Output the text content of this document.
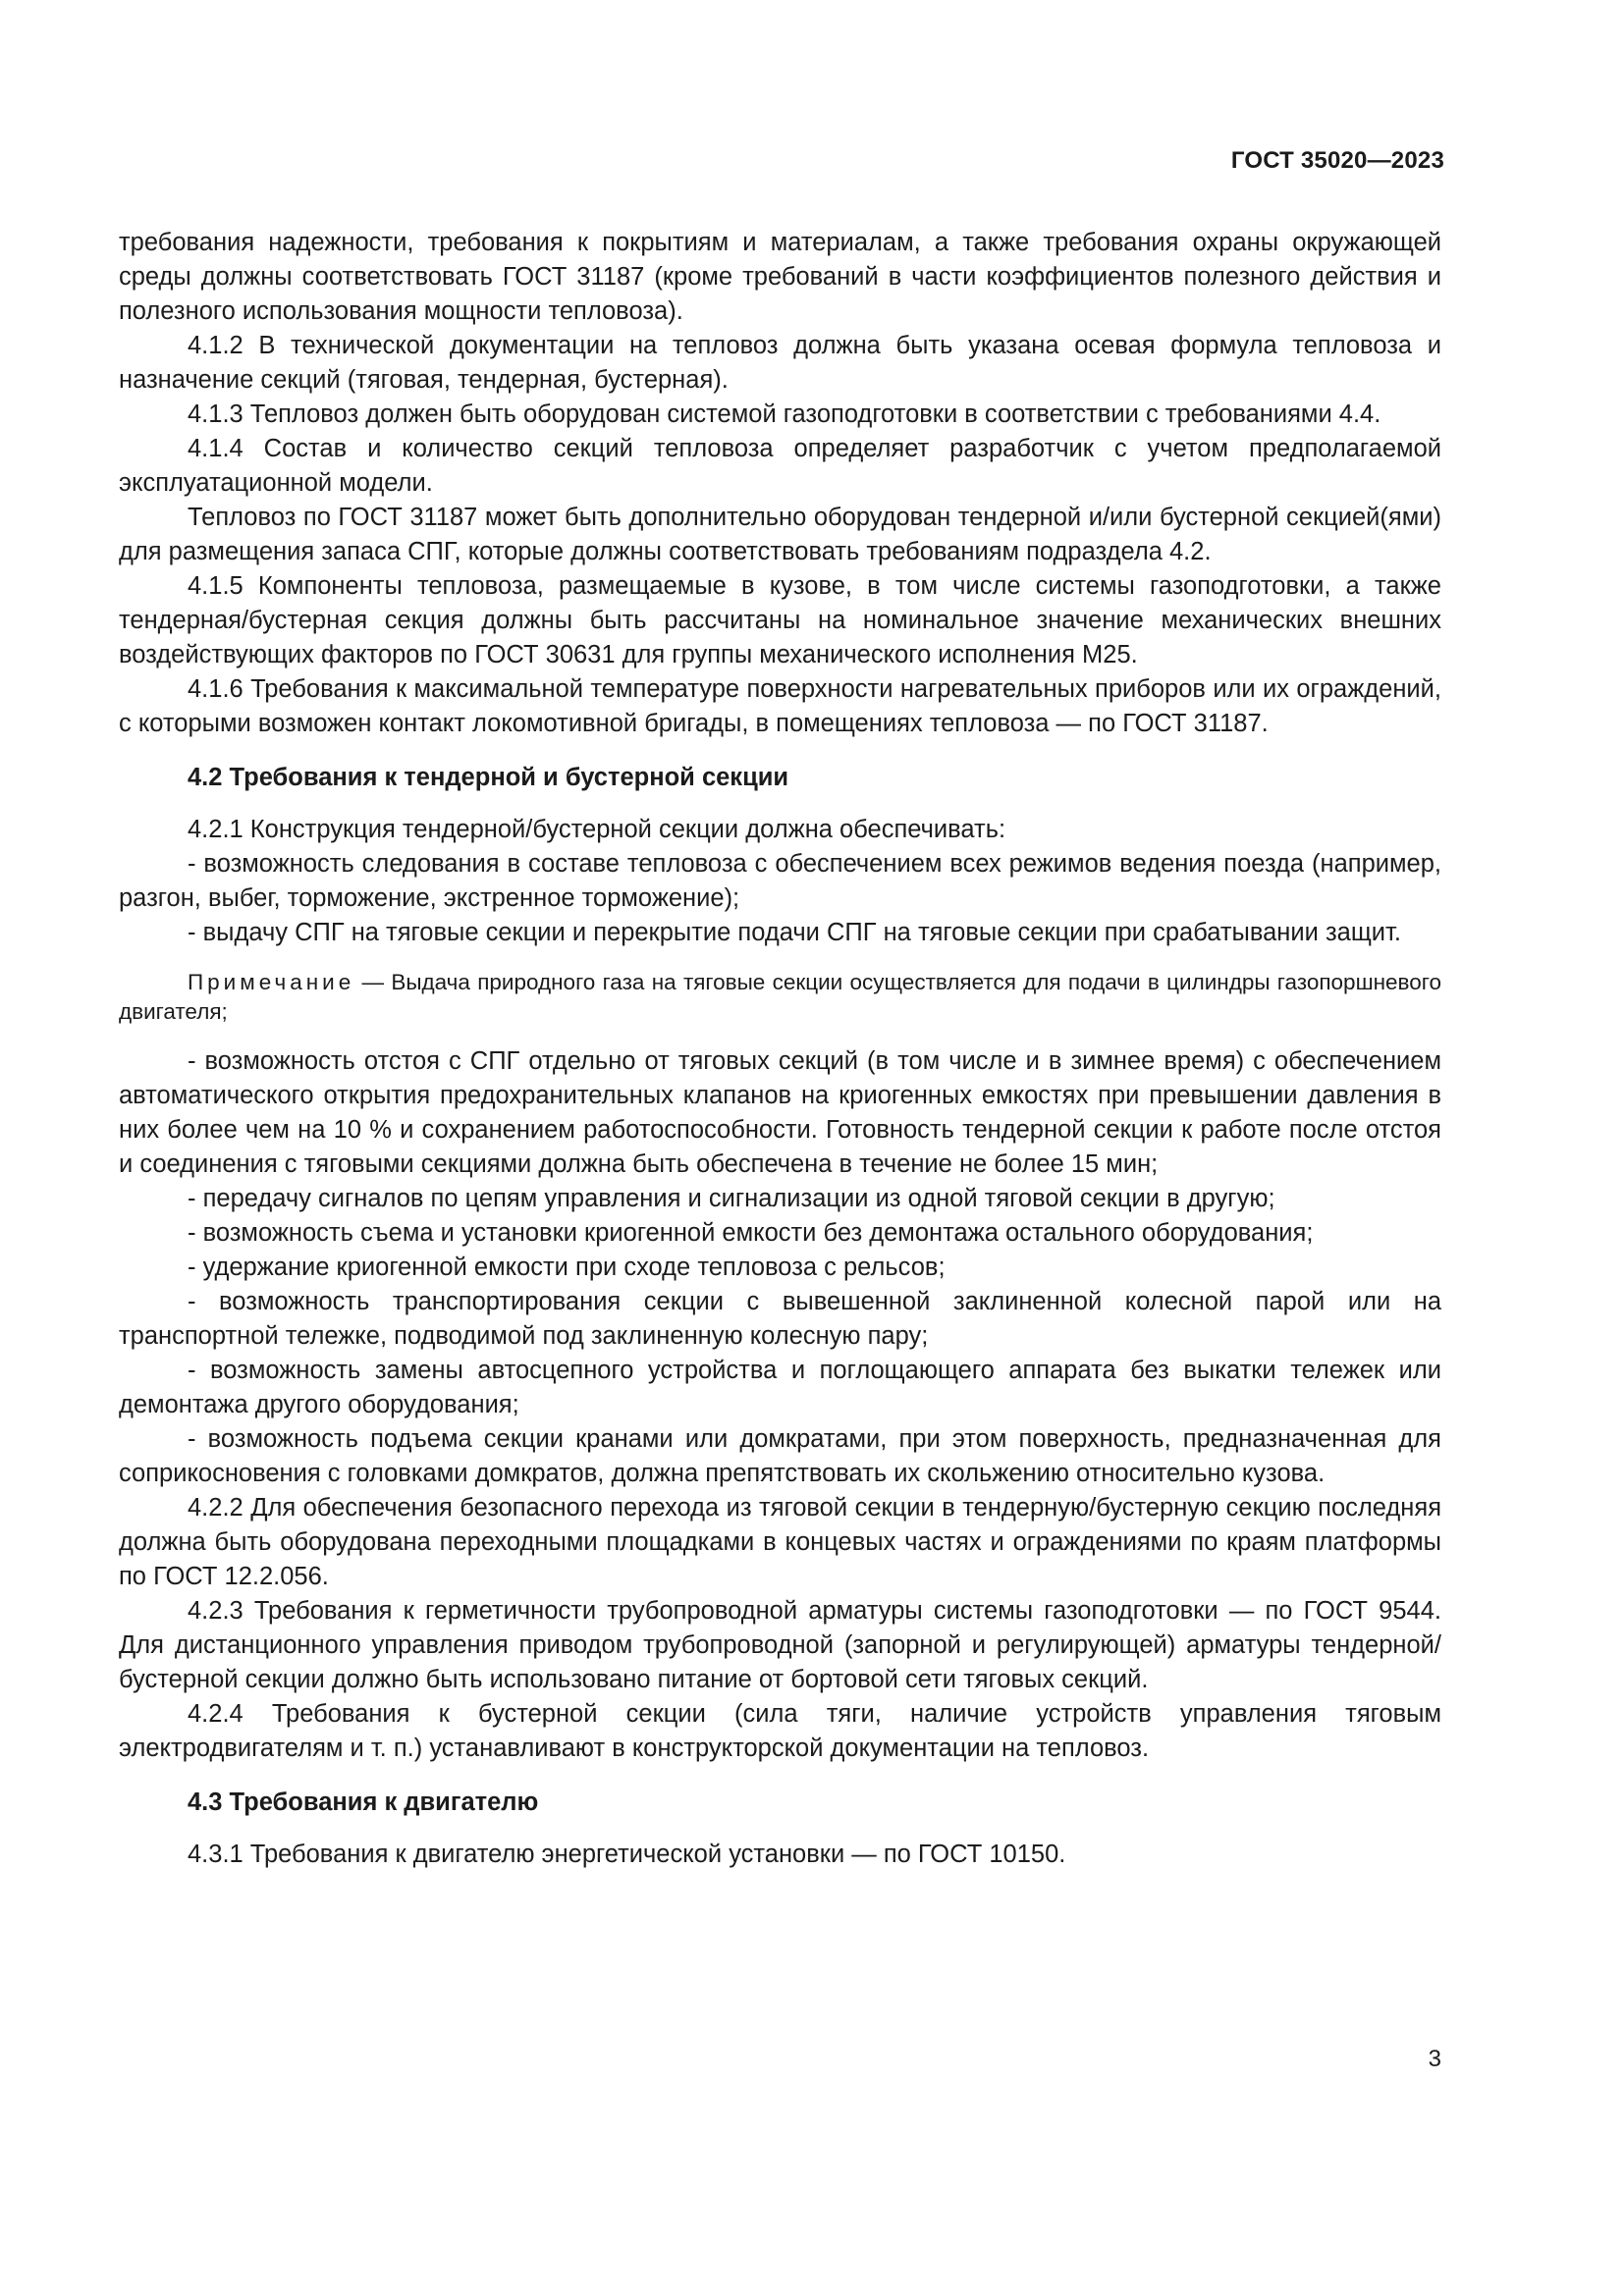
ГОСТ 35020—2023

требования надежности, требования к покрытиям и материалам, а также требования охраны окружающей среды должны соответствовать ГОСТ 31187 (кроме требований в части коэффициентов полезного действия и полезного использования мощности тепловоза).

4.1.2 В технической документации на тепловоз должна быть указана осевая формула тепловоза и назначение секций (тяговая, тендерная, бустерная).

4.1.3 Тепловоз должен быть оборудован системой газоподготовки в соответствии с требованиями 4.4.

4.1.4 Состав и количество секций тепловоза определяет разработчик с учетом предполагаемой эксплуатационной модели.

Тепловоз по ГОСТ 31187 может быть дополнительно оборудован тендерной и/или бустерной секцией(ями) для размещения запаса СПГ, которые должны соответствовать требованиям подраздела 4.2.

4.1.5 Компоненты тепловоза, размещаемые в кузове, в том числе системы газоподготовки, а также тендерная/бустерная секция должны быть рассчитаны на номинальное значение механических внешних воздействующих факторов по ГОСТ 30631 для группы механического исполнения М25.

4.1.6 Требования к максимальной температуре поверхности нагревательных приборов или их ограждений, с которыми возможен контакт локомотивной бригады, в помещениях тепловоза — по ГОСТ 31187.

4.2 Требования к тендерной и бустерной секции

4.2.1 Конструкция тендерной/бустерной секции должна обеспечивать:

- возможность следования в составе тепловоза с обеспечением всех режимов ведения поезда (например, разгон, выбег, торможение, экстренное торможение);

- выдачу СПГ на тяговые секции и перекрытие подачи СПГ на тяговые секции при срабатывании защит.

Примечание — Выдача природного газа на тяговые секции осуществляется для подачи в цилиндры газопоршневого двигателя;

- возможность отстоя с СПГ отдельно от тяговых секций (в том числе и в зимнее время) с обеспечением автоматического открытия предохранительных клапанов на криогенных емкостях при превышении давления в них более чем на 10 % и сохранением работоспособности. Готовность тендерной секции к работе после отстоя и соединения с тяговыми секциями должна быть обеспечена в течение не более 15 мин;

- передачу сигналов по цепям управления и сигнализации из одной тяговой секции в другую;

- возможность съема и установки криогенной емкости без демонтажа остального оборудования;

- удержание криогенной емкости при сходе тепловоза с рельсов;

- возможность транспортирования секции с вывешенной заклиненной колесной парой или на транспортной тележке, подводимой под заклиненную колесную пару;

- возможность замены автосцепного устройства и поглощающего аппарата без выкатки тележек или демонтажа другого оборудования;

- возможность подъема секции кранами или домкратами, при этом поверхность, предназначенная для соприкосновения с головками домкратов, должна препятствовать их скольжению относительно кузова.

4.2.2 Для обеспечения безопасного перехода из тяговой секции в тендерную/бустерную секцию последняя должна быть оборудована переходными площадками в концевых частях и ограждениями по краям платформы по ГОСТ 12.2.056.

4.2.3 Требования к герметичности трубопроводной арматуры системы газоподготовки — по ГОСТ 9544. Для дистанционного управления приводом трубопроводной (запорной и регулирующей) арматуры тендерной/бустерной секции должно быть использовано питание от бортовой сети тяговых секций.

4.2.4 Требования к бустерной секции (сила тяги, наличие устройств управления тяговым электродвигателям и т. п.) устанавливают в конструкторской документации на тепловоз.

4.3 Требования к двигателю

4.3.1 Требования к двигателю энергетической установки — по ГОСТ 10150.

3
